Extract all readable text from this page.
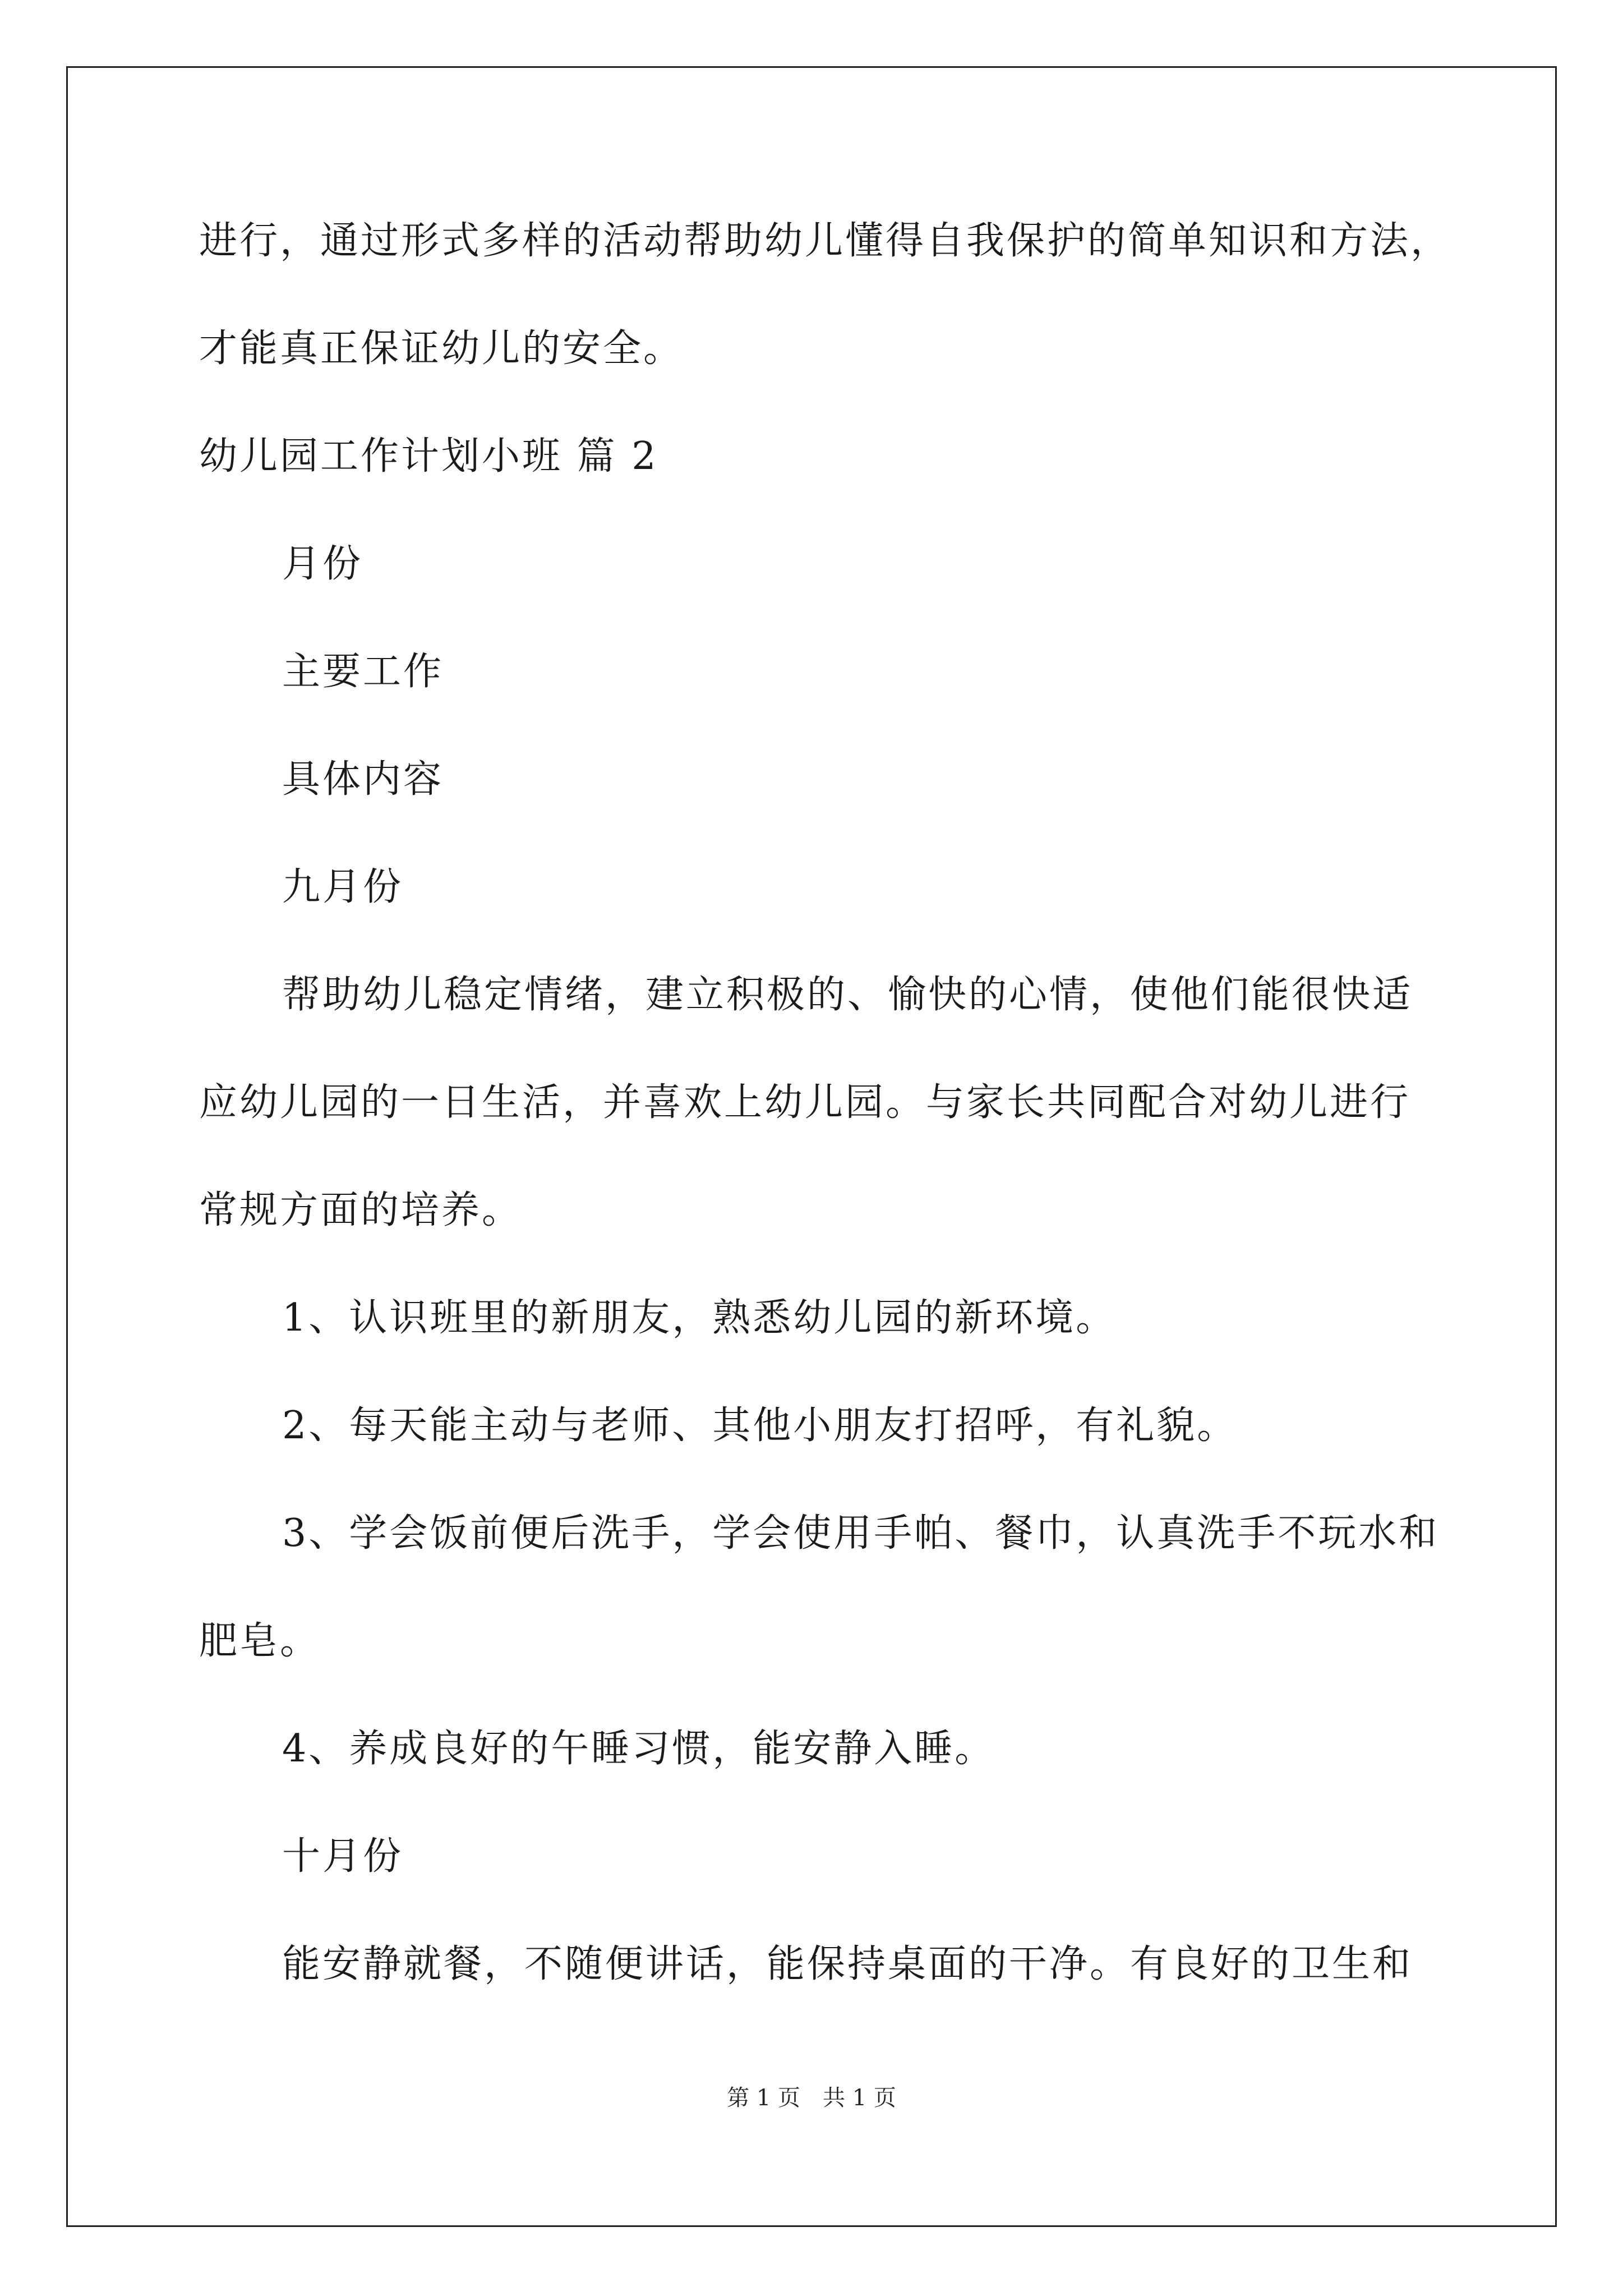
进行，通过形式多样的活动帮助幼儿懂得自我保护的简单知识和方法，
才能真正保证幼儿的安全。
幼儿园工作计划小班 篇 2
月份
主要工作
具体内容
九月份
帮助幼儿稳定情绪，建立积极的、愉快的心情，使他们能很快适
应幼儿园的一日生活，并喜欢上幼儿园。与家长共同配合对幼儿进行
常规方面的培养。
1、认识班里的新朋友，熟悉幼儿园的新环境。
2、每天能主动与老师、其他小朋友打招呼，有礼貌。
3、学会饭前便后洗手，学会使用手帕、餐巾，认真洗手不玩水和
肥皂。
4、养成良好的午睡习惯，能安静入睡。
十月份
能安静就餐，不随便讲话，能保持桌面的干净。有良好的卫生和
第 1 页　共 1 页
